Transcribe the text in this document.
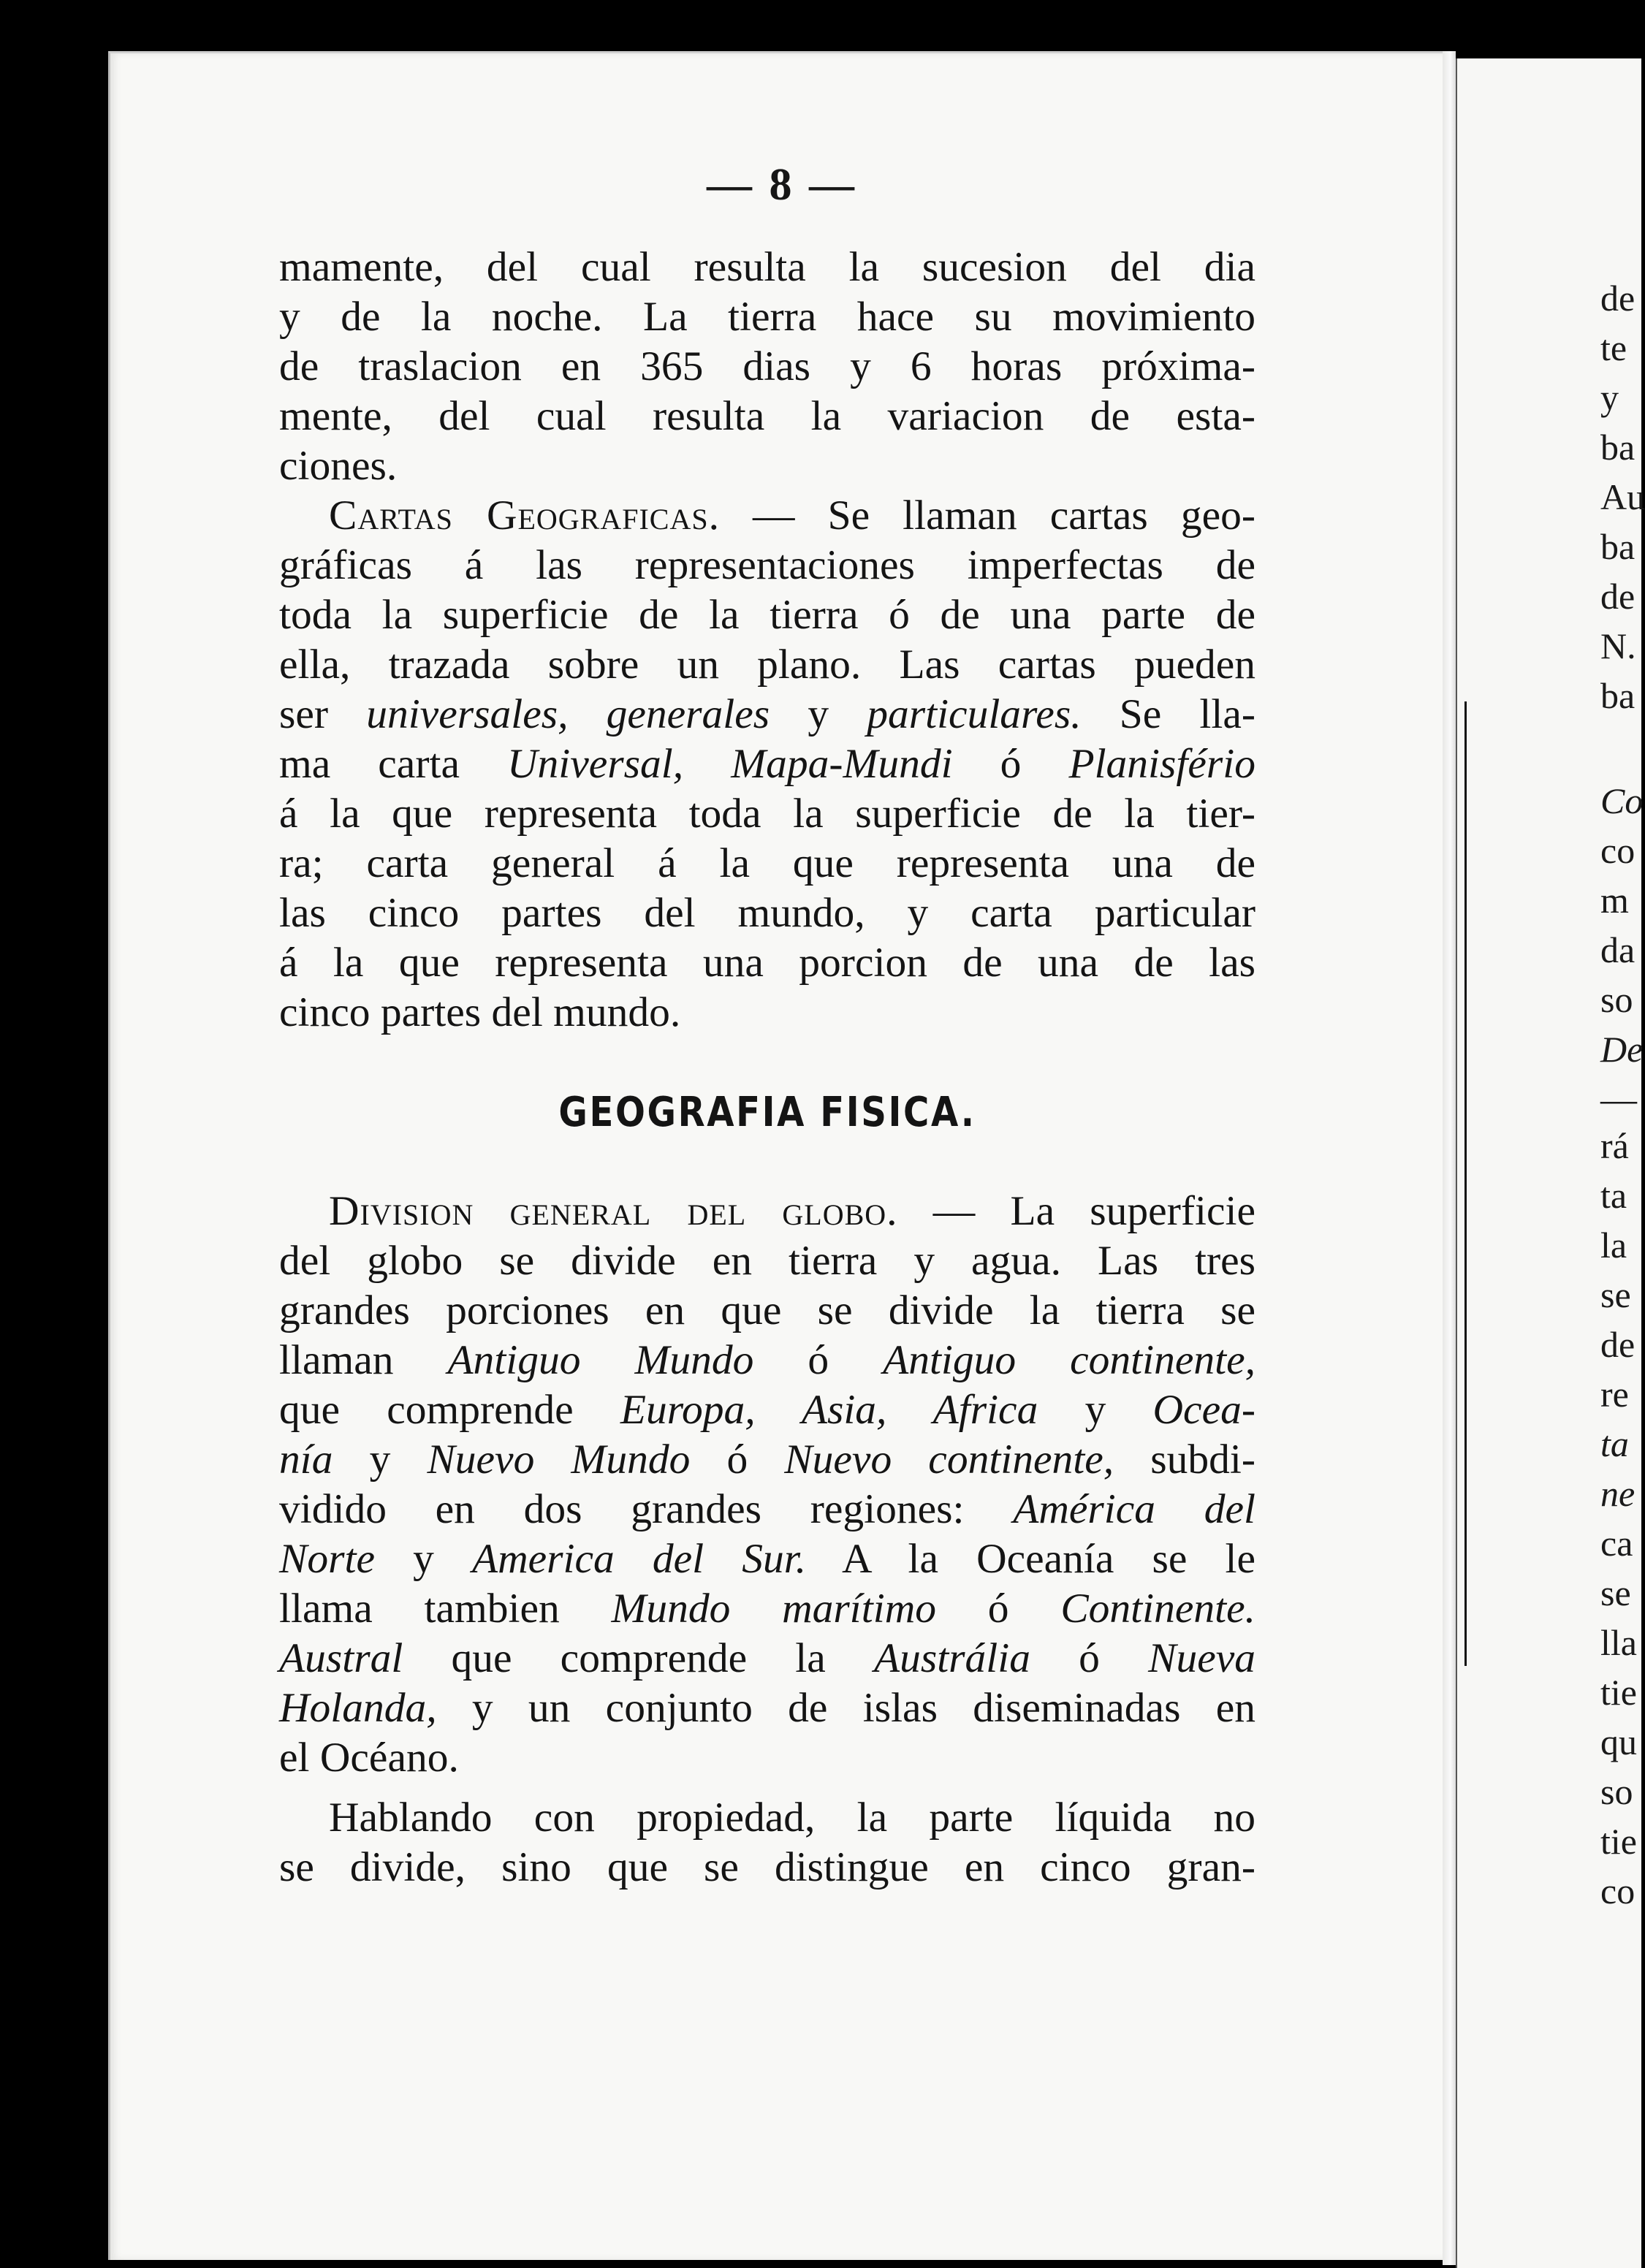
— 8 —
mamente, del cual resulta la sucesion del dia
y de la noche. La tierra hace su movimiento
de traslacion en 365 dias y 6 horas próxima-
mente, del cual resulta la variacion de esta-
ciones.
Cartas Geograficas. — Se llaman cartas geo-
gráficas á las representaciones imperfectas de
toda la superficie de la tierra ó de una parte de
ella, trazada sobre un plano. Las cartas pueden
ser universales, generales y particulares. Se lla-
ma carta Universal, Mapa-Mundi ó Planisfério
á la que representa toda la superficie de la tier-
ra; carta general á la que representa una de
las cinco partes del mundo, y carta particular
á la que representa una porcion de una de las
cinco partes del mundo.
GEOGRAFIA FISICA.
Division general del globo. — La superficie
del globo se divide en tierra y agua. Las tres
grandes porciones en que se divide la tierra se
llaman Antiguo Mundo ó Antiguo continente,
que comprende Europa, Asia, Africa y Ocea-
nía y Nuevo Mundo ó Nuevo continente, subdi-
vidido en dos grandes regiones: América del
Norte y America del Sur. A la Oceanía se le
llama tambien Mundo marítimo ó Continente.
Austral que comprende la Austrália ó Nueva
Holanda, y un conjunto de islas diseminadas en
el Océano.
Hablando con propiedad, la parte líquida no
se divide, sino que se distingue en cinco gran-
de
te
y
ba
Au
ba
de
N.
ba
Co
co
m
da
so
De
—
rá
ta
la
se
de
re
ta
ne
ca
se
lla
tie
qu
so
tie
co
